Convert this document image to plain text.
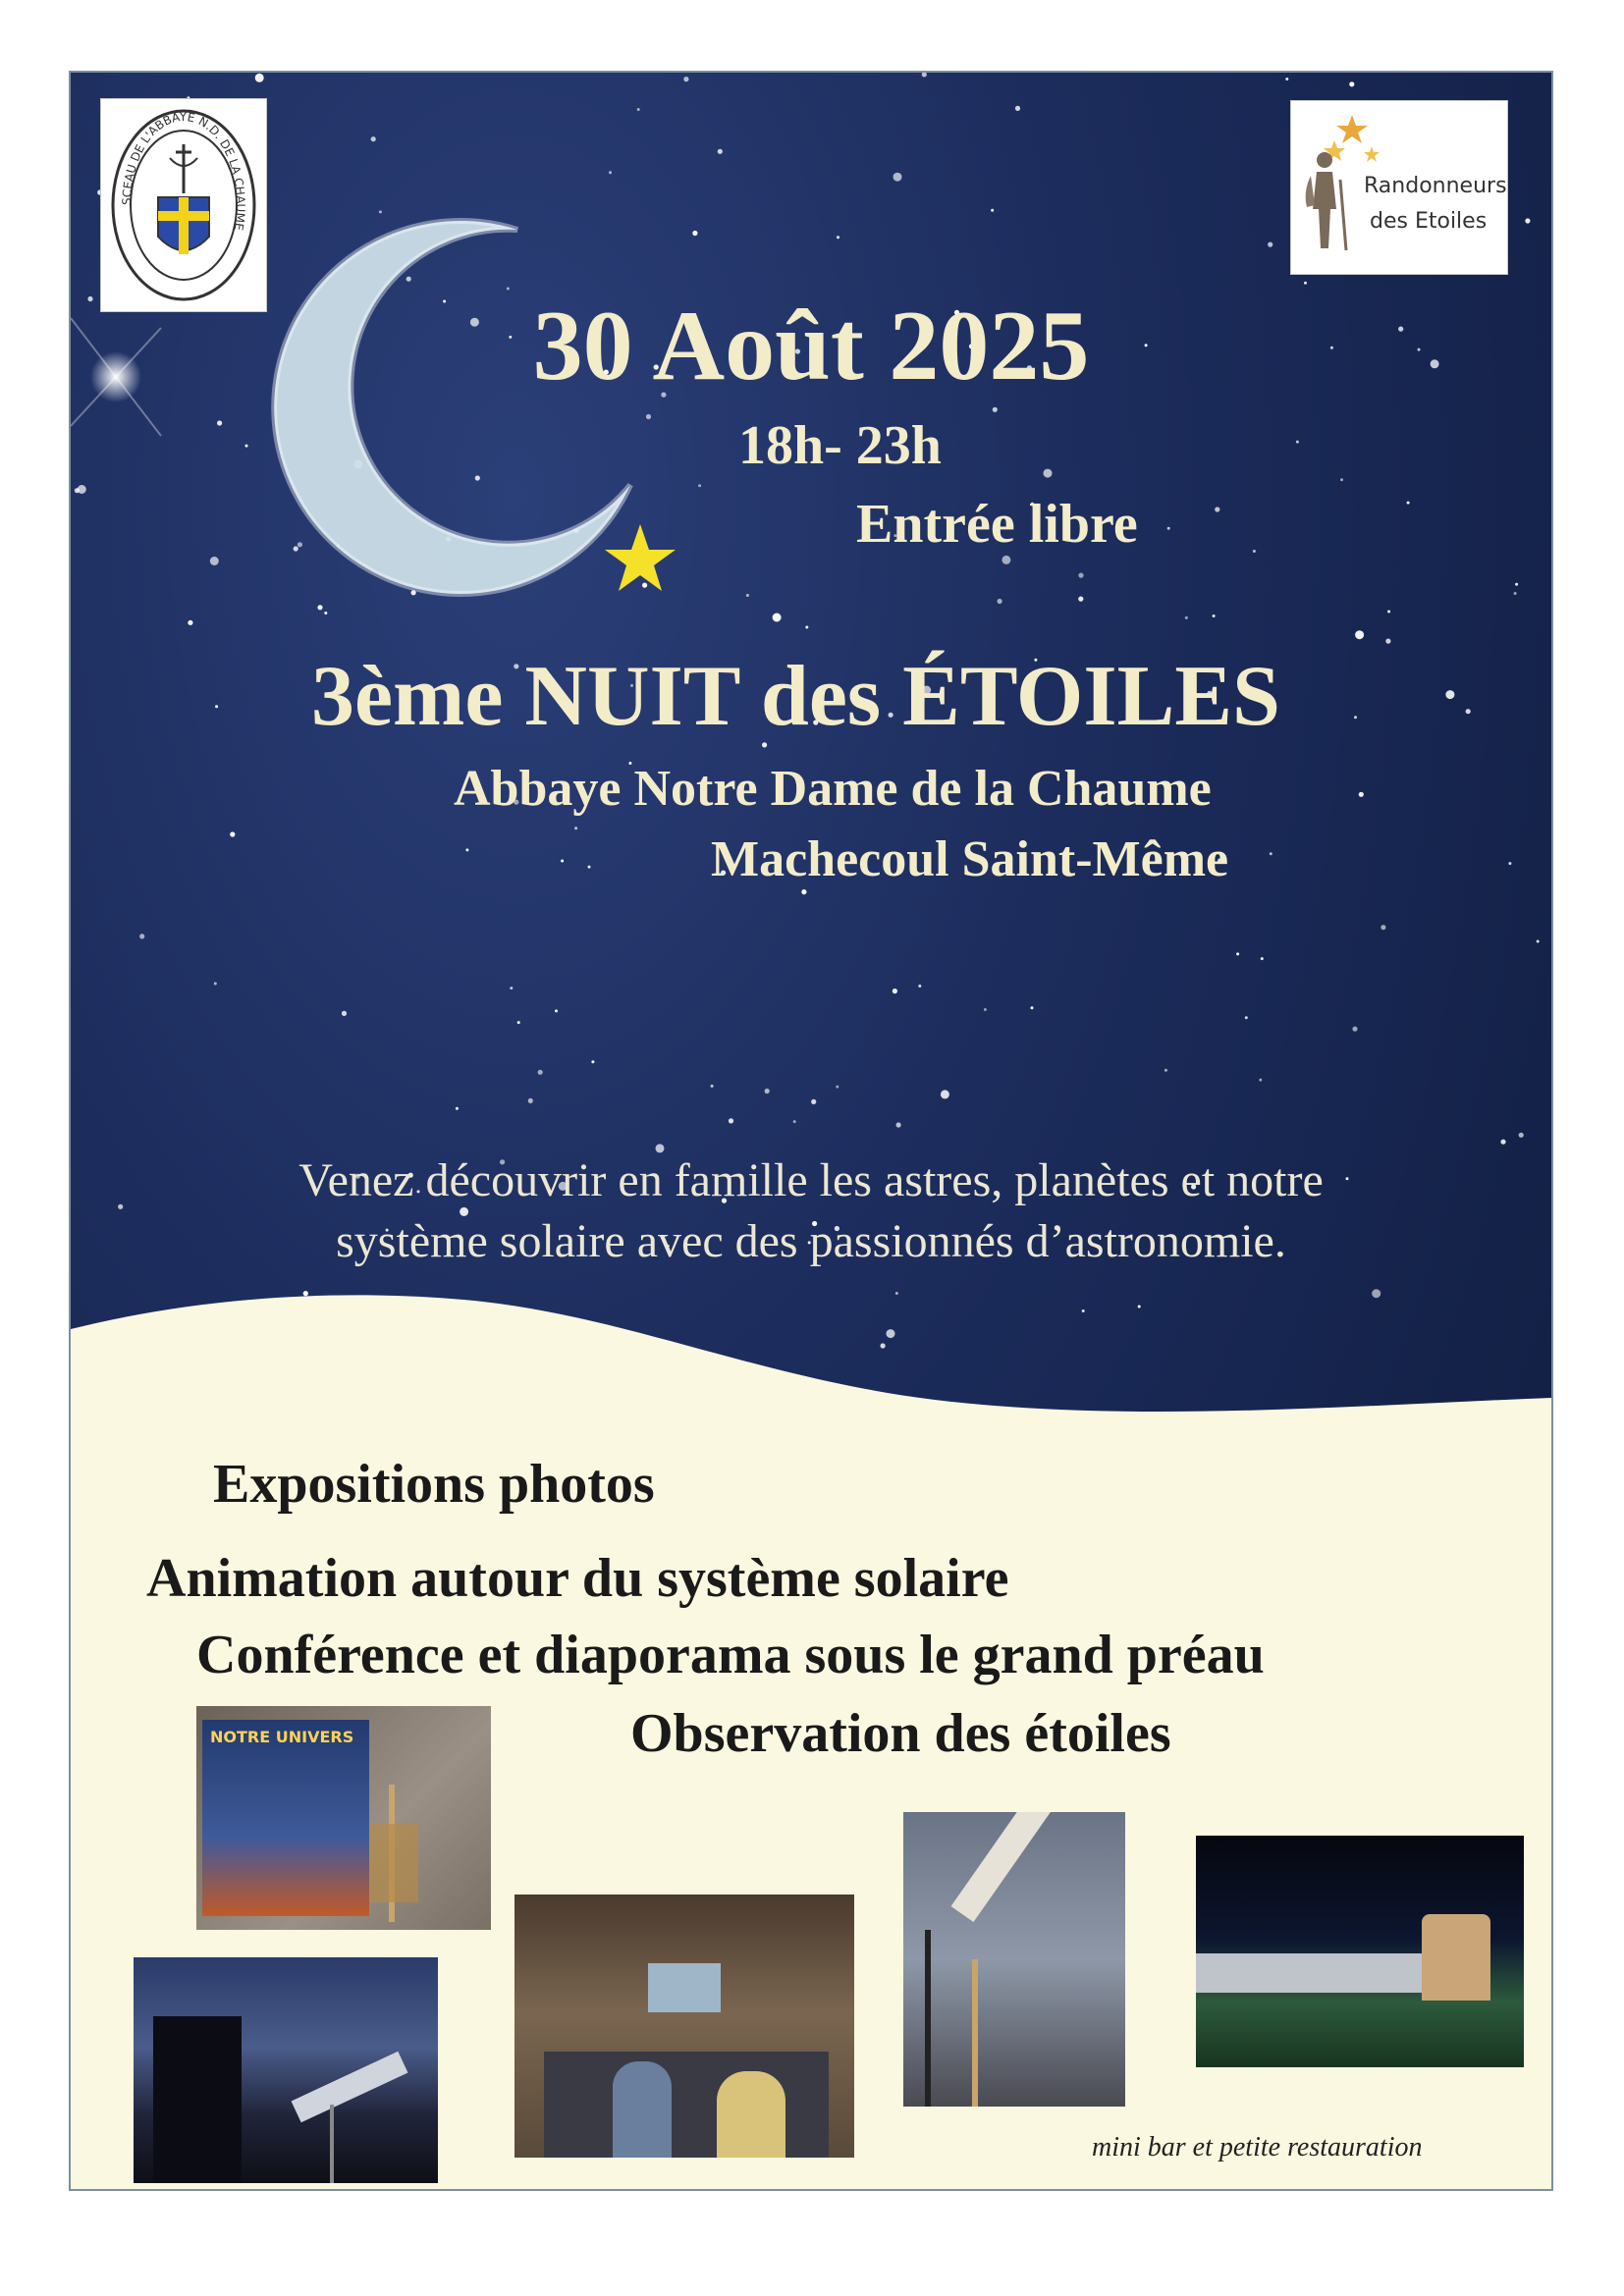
SCEAU DE L'ABBAYE N.D. DE LA CHAUME
Randonneurs
des Etoiles
30 Août 2025
18h- 23h
Entrée libre
3ème NUIT des ÉTOILES
Abbaye Notre Dame de la Chaume
Machecoul Saint-Même
Venez découvrir en famille les astres, planètes et notre
système solaire avec des passionnés d’astronomie.
Expositions photos
Animation autour du système solaire
Conférence et diaporama sous le grand préau
Observation des étoiles
NOTRE UNIVERS
mini bar et petite restauration
